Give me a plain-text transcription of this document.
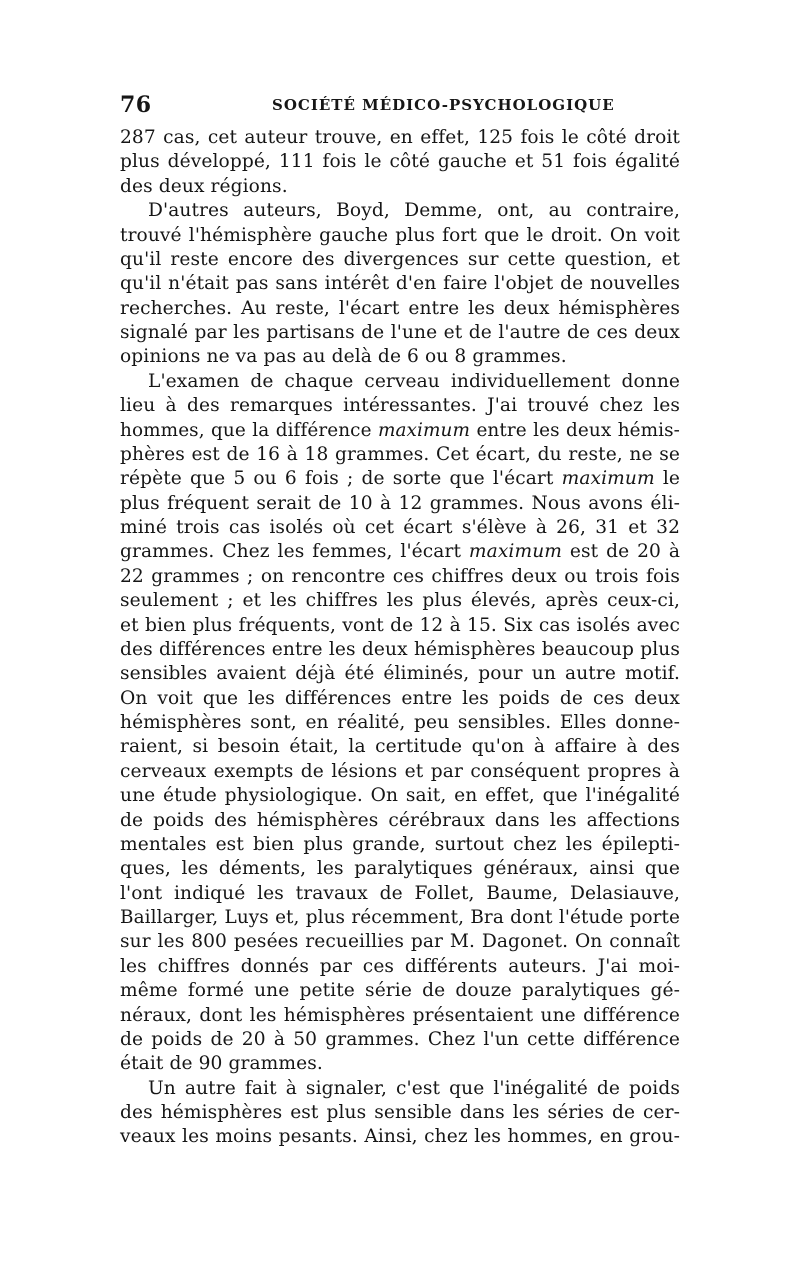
76	SOCIÉTÉ MÉDICO-PSYCHOLOGIQUE
287 cas, cet auteur trouve, en effet, 125 fois le côté droit
plus développé, 111 fois le côté gauche et 51 fois égalité
des deux régions.
D'autres auteurs, Boyd, Demme, ont, au contraire,
trouvé l'hémisphère gauche plus fort que le droit. On voit
qu'il reste encore des divergences sur cette question, et
qu'il n'était pas sans intérêt d'en faire l'objet de nouvelles
recherches. Au reste, l'écart entre les deux hémisphères
signalé par les partisans de l'une et de l'autre de ces deux
opinions ne va pas au delà de 6 ou 8 grammes.
L'examen de chaque cerveau individuellement donne
lieu à des remarques intéressantes. J'ai trouvé chez les
hommes, que la différence maximum entre les deux hémis-
phères est de 16 à 18 grammes. Cet écart, du reste, ne se
répète que 5 ou 6 fois ; de sorte que l'écart maximum le
plus fréquent serait de 10 à 12 grammes. Nous avons éli-
miné trois cas isolés où cet écart s'élève à 26, 31 et 32
grammes. Chez les femmes, l'écart maximum est de 20 à
22 grammes ; on rencontre ces chiffres deux ou trois fois
seulement ; et les chiffres les plus élevés, après ceux-ci,
et bien plus fréquents, vont de 12 à 15. Six cas isolés avec
des différences entre les deux hémisphères beaucoup plus
sensibles avaient déjà été éliminés, pour un autre motif.
On voit que les différences entre les poids de ces deux
hémisphères sont, en réalité, peu sensibles. Elles donne-
raient, si besoin était, la certitude qu'on à affaire à des
cerveaux exempts de lésions et par conséquent propres à
une étude physiologique. On sait, en effet, que l'inégalité
de poids des hémisphères cérébraux dans les affections
mentales est bien plus grande, surtout chez les épilepti-
ques, les déments, les paralytiques généraux, ainsi que
l'ont indiqué les travaux de Follet, Baume, Delasiauve,
Baillarger, Luys et, plus récemment, Bra dont l'étude porte
sur les 800 pesées recueillies par M. Dagonet. On connaît
les chiffres donnés par ces différents auteurs. J'ai moi-
même formé une petite série de douze paralytiques gé-
néraux, dont les hémisphères présentaient une différence
de poids de 20 à 50 grammes. Chez l'un cette différence
était de 90 grammes.
Un autre fait à signaler, c'est que l'inégalité de poids
des hémisphères est plus sensible dans les séries de cer-
veaux les moins pesants. Ainsi, chez les hommes, en grou-
